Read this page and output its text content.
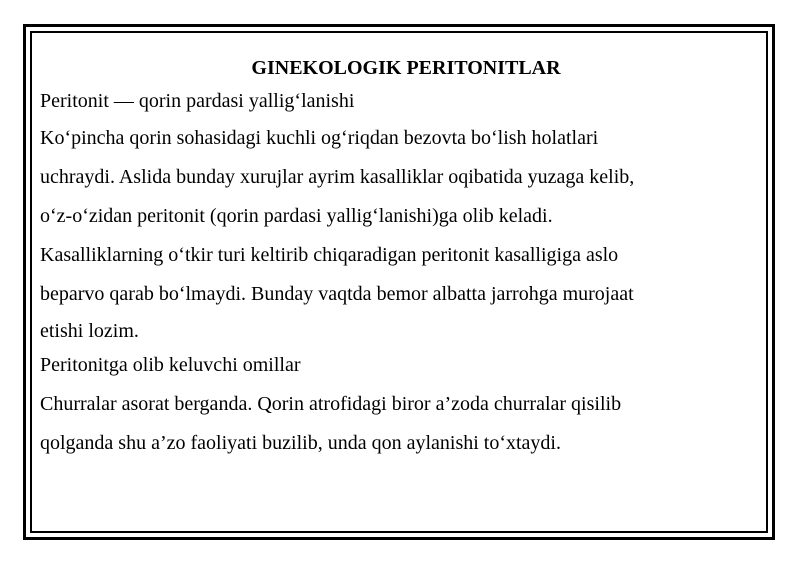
GINEKOLOGIK PERITONITLAR
Peritonit — qorin pardasi yallig‘lanishi
Ko‘pincha qorin sohasidagi kuchli og‘riqdan bezovta bo‘lish holatlari
uchraydi. Aslida bunday xurujlar ayrim kasalliklar oqibatida yuzaga kelib,
o‘z-o‘zidan peritonit (qorin pardasi yallig‘lanishi)ga olib keladi.
Kasalliklarning o‘tkir turi keltirib chiqaradigan peritonit kasalligiga aslo
beparvo qarab bo‘lmaydi. Bunday vaqtda bemor albatta jarrohga murojaat
etishi lozim.
Peritonitga olib keluvchi omillar
Churralar asorat berganda. Qorin atrofidagi biror a’zoda churralar qisilib
qolganda shu a’zo faoliyati buzilib, unda qon aylanishi to‘xtaydi.
